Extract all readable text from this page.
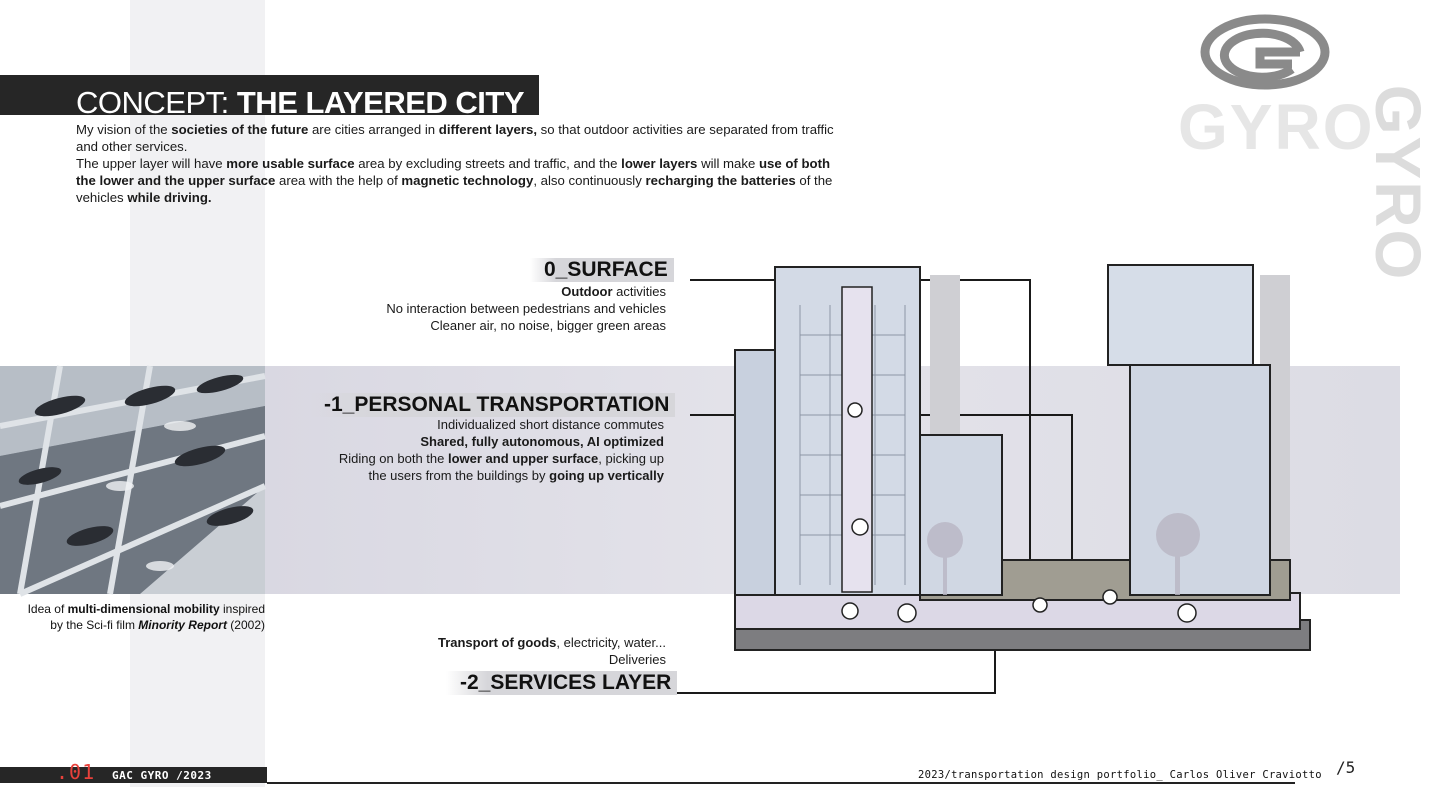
CONCEPT: THE LAYERED CITY
My vision of the societies of the future are cities arranged in different layers, so that outdoor activities are separated from traffic and other services.
The upper layer will have more usable surface area by excluding streets and traffic, and the lower layers will make use of both the lower and the upper surface area with the help of magnetic technology, also continuously recharging the batteries of the vehicles while driving.
GYRO
GYRO
Idea of multi-dimensional mobility inspired
by the Sci-fi film Minority Report (2002)
0_SURFACE
Outdoor activities
No interaction between pedestrians and vehicles
Cleaner air, no noise, bigger green areas
-1_PERSONAL TRANSPORTATION
Individualized short distance commutes
Shared, fully autonomous, AI optimized
Riding on both the lower and upper surface, picking up
the users from the buildings by going up vertically
Transport of goods, electricity, water...
Deliveries
-2_SERVICES LAYER
.01 GAC GYRO /2023	2023/transportation design portfolio_ Carlos Oliver Craviotto /5
